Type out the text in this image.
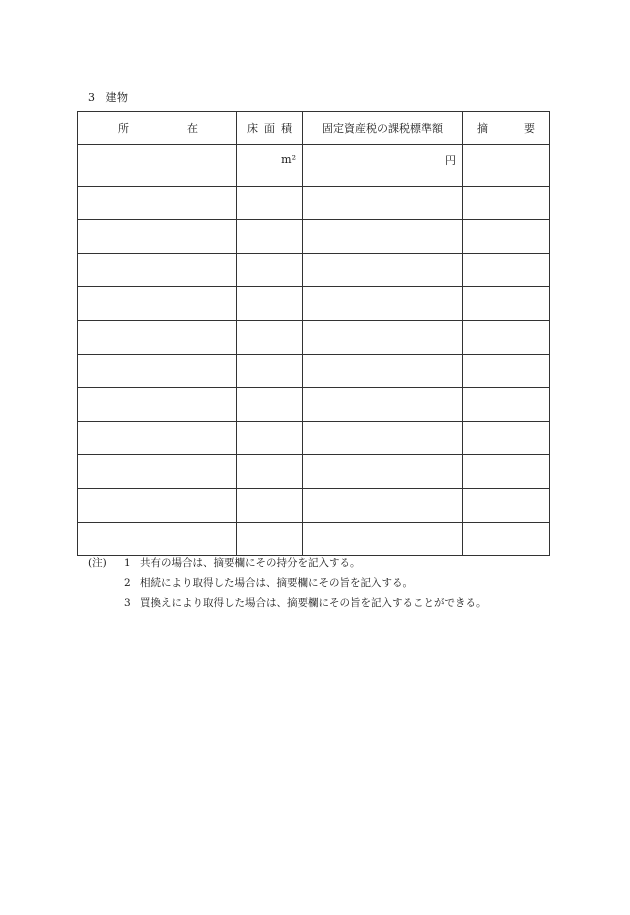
3 建物
所 在	床 面 積	固定資産税の課税標準額	摘 要

	m²	円	

(注)	1 共有の場合は、摘要欄にその持分を記入する。
2 相続により取得した場合は、摘要欄にその旨を記入する。
3 買換えにより取得した場合は、摘要欄にその旨を記入することができる。
